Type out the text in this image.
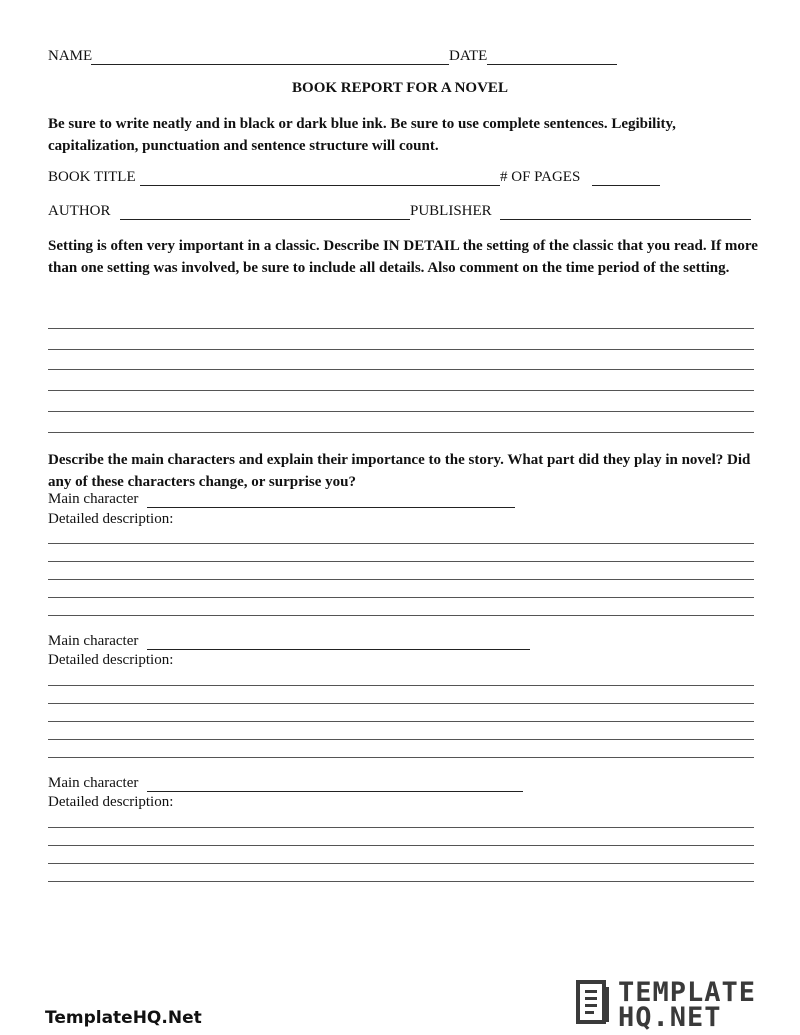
NAME	DATE
BOOK REPORT FOR A NOVEL
Be sure to write neatly and in black or dark blue ink. Be sure to use complete sentences. Legibility, capitalization, punctuation and sentence structure will count.
BOOK TITLE	# OF PAGES
AUTHOR	PUBLISHER
Setting is often very important in a classic. Describe IN DETAIL the setting of the classic that you read. If more than one setting was involved, be sure to include all details. Also comment on the time period of the setting.
Describe the main characters and explain their importance to the story. What part did they play in novel? Did any of these characters change, or surprise you?
Main character
Detailed description:
Main character
Detailed description:
Main character
Detailed description:
TemplateHQ.Net
TEMPLATE
HQ.NET
